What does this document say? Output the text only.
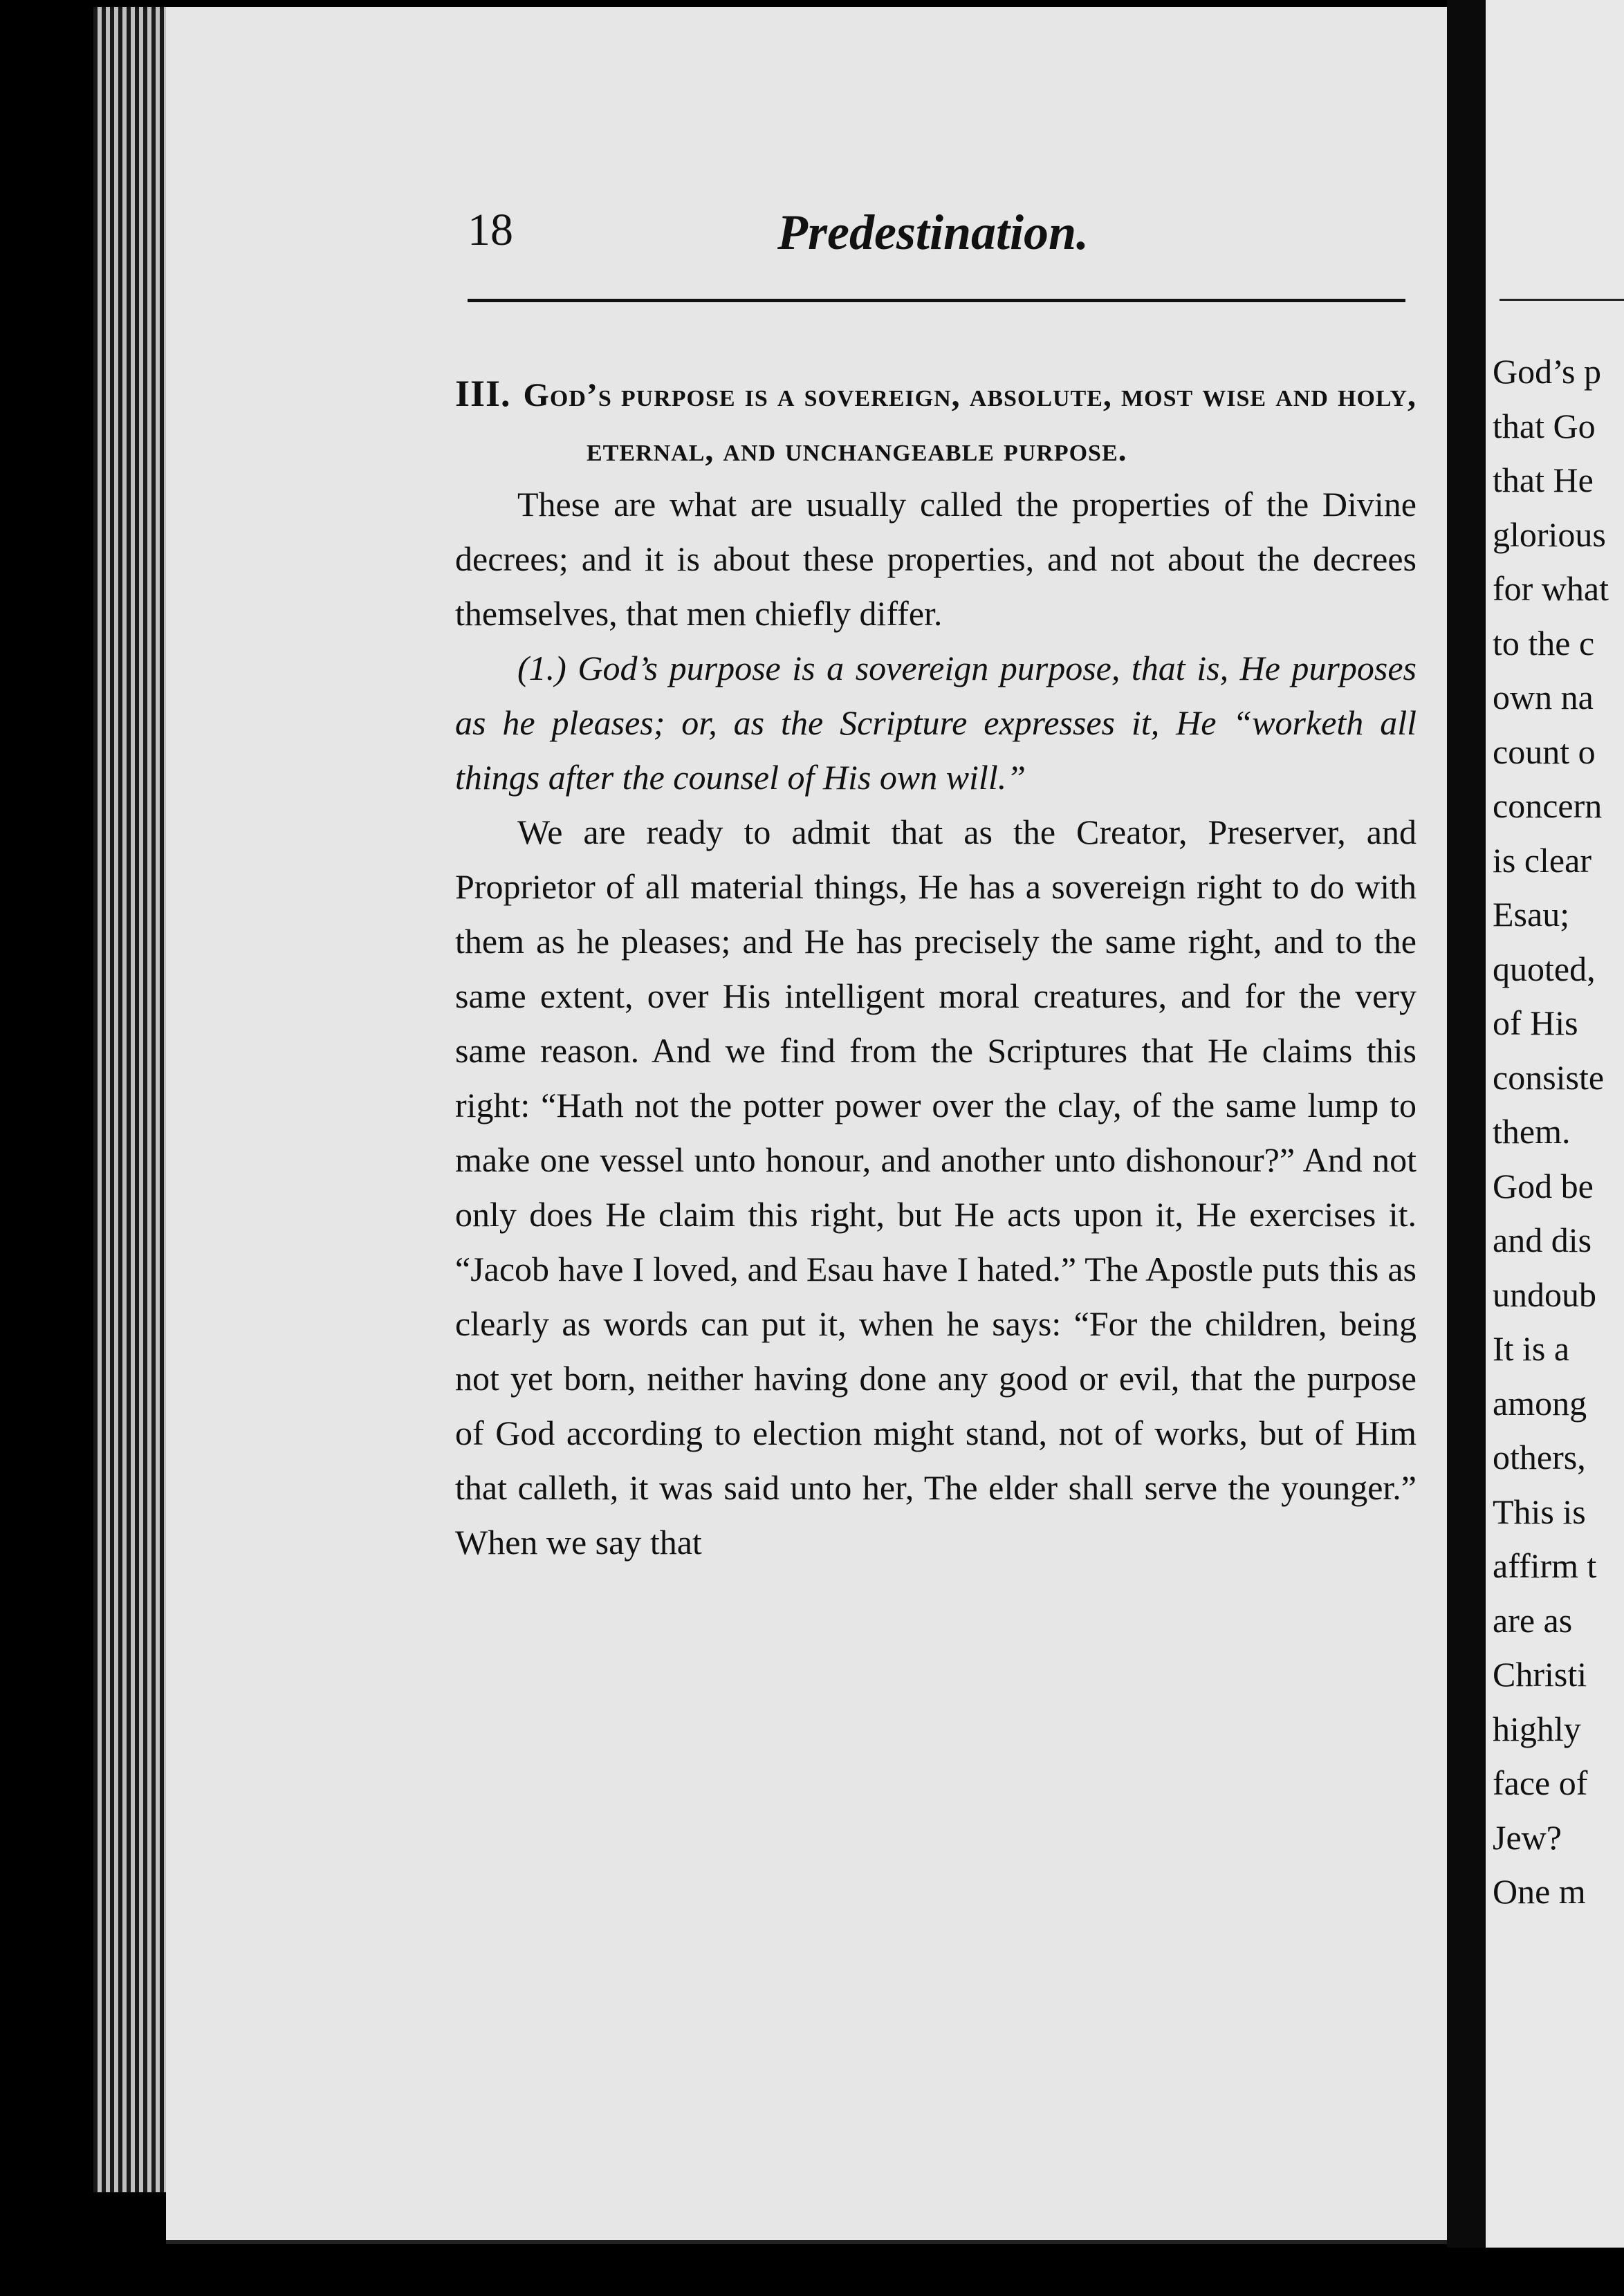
18	Predestination.
III. God’s purpose is a sovereign, absolute, most wise and holy, eternal, and unchangeable purpose.

These are what are usually called the properties of the Divine decrees; and it is about these properties, and not about the decrees themselves, that men chiefly differ.

(1.) God’s purpose is a sovereign purpose, that is, He purposes as he pleases; or, as the Scripture expresses it, He “worketh all things after the counsel of His own will.”

We are ready to admit that as the Creator, Preserver, and Proprietor of all material things, He has a sovereign right to do with them as he pleases; and He has precisely the same right, and to the same extent, over His intelligent moral creatures, and for the very same reason. And we find from the Scriptures that He claims this right: “Hath not the potter power over the clay, of the same lump to make one vessel unto honour, and another unto dishonour?” And not only does He claim this right, but He acts upon it, He exercises it. “Jacob have I loved, and Esau have I hated.” The Apostle puts this as clearly as words can put it, when he says: “For the children, being not yet born, neither having done any good or evil, that the purpose of God according to election might stand, not of works, but of Him that calleth, it was said unto her, The elder shall serve the younger.” When we say that

God’s p
that Go
that He
glorious
for what
to the c
own na
count o
concern
is clear
Esau;
quoted,
of His
consiste
them.
God be
and dis
undoub
It is a
among
others,
This is
affirm t
are as
Christi
highly
face of
Jew?
One m
